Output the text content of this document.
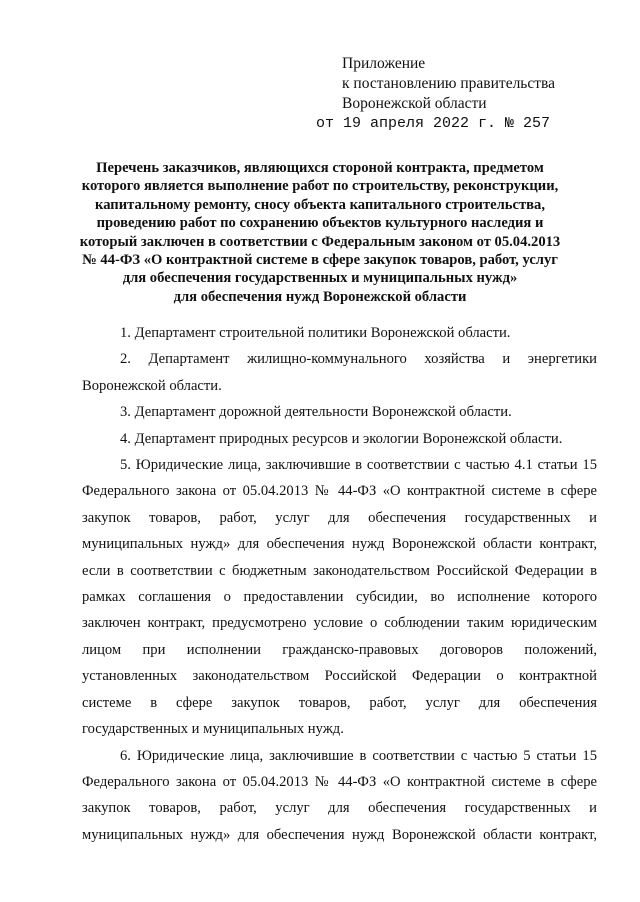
Приложение
к постановлению правительства
Воронежской области
от 19 апреля 2022 г. № 257
Перечень заказчиков, являющихся стороной контракта, предметом
которого является выполнение работ по строительству, реконструкции,
капитальному ремонту, сносу объекта капитального строительства,
проведению работ по сохранению объектов культурного наследия и
который заключен в соответствии с Федеральным законом от 05.04.2013
№ 44-ФЗ «О контрактной системе в сфере закупок товаров, работ, услуг
для обеспечения государственных и муниципальных нужд»
для обеспечения нужд Воронежской области

1. Департамент строительной политики Воронежской области.

2. Департамент жилищно-коммунального хозяйства и энергетики
Воронежской области.

3. Департамент дорожной деятельности Воронежской области.

4. Департамент природных ресурсов и экологии Воронежской области.

5. Юридические лица, заключившие в соответствии с частью 4.1 статьи 15
Федерального закона от 05.04.2013 № 44-ФЗ «О контрактной системе в сфере
закупок товаров, работ, услуг для обеспечения государственных и
муниципальных нужд» для обеспечения нужд Воронежской области контракт,
если в соответствии с бюджетным законодательством Российской Федерации в
рамках соглашения о предоставлении субсидии, во исполнение которого
заключен контракт, предусмотрено условие о соблюдении таким юридическим
лицом при исполнении гражданско-правовых договоров положений,
установленных законодательством Российской Федерации о контрактной
системе в сфере закупок товаров, работ, услуг для обеспечения
государственных и муниципальных нужд.

6. Юридические лица, заключившие в соответствии с частью 5 статьи 15
Федерального закона от 05.04.2013 № 44-ФЗ «О контрактной системе в сфере
закупок товаров, работ, услуг для обеспечения государственных и
муниципальных нужд» для обеспечения нужд Воронежской области контракт,
